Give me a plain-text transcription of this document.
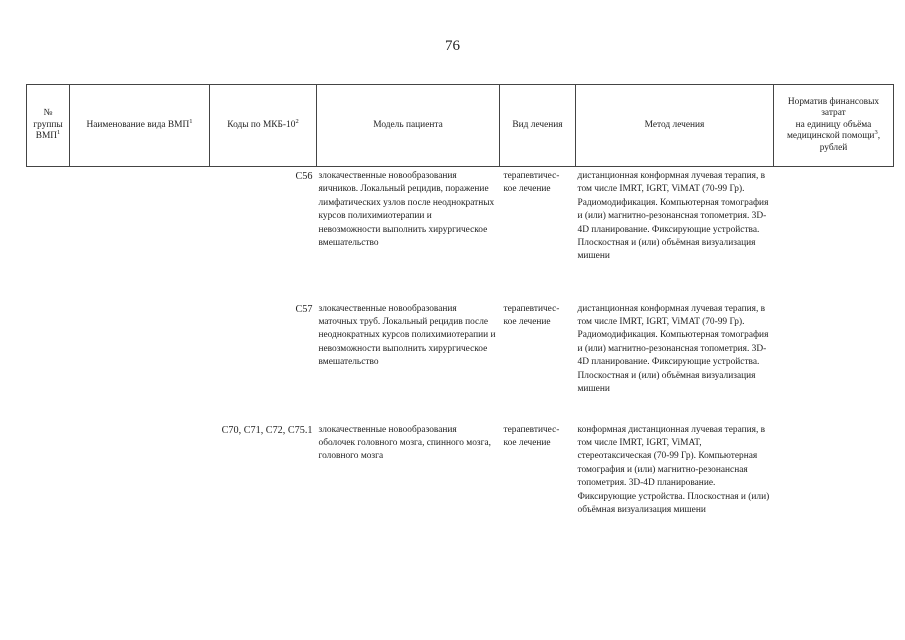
76
№ группы ВМП$^1$	Наименование вида ВМП$^1$	Коды по МКБ-$10^2$	Модель пациента	Вид лечения	Метод лечения	Норматив финансовых затрат
на единицу объёма медицинской помощи$^3$, рублей
		C56	злокачественные новообразования яичников. Локальный рецидив, поражение лимфатических узлов после неоднократных курсов полихимиотерапии и невозможности выполнить хирургическое вмешательство	терапевтичес-кое лечение	дистанционная конформная лучевая терапия, в том числе IMRT, IGRT, ViMAT (70-99 Гр). Радиомодификация. Компьютерная томография и (или) магнитно-резонансная топометрия. 3D-4D планирование. Фиксирующие устройства. Плоскостная и (или) объёмная визуализация мишени	
		C57	злокачественные новообразования маточных труб. Локальный рецидив после неоднократных курсов полихимиотерапии и невозможности выполнить хирургическое вмешательство	терапевтичес-кое лечение	дистанционная конформная лучевая терапия, в том числе IMRT, IGRT, ViMAT (70-99 Гр). Радиомодификация. Компьютерная томография и (или) магнитно-резонансная топометрия. 3D-4D планирование. Фиксирующие устройства. Плоскостная и (или) объёмная визуализация мишени	
		C70, C71, C72, C75.1	злокачественные новообразования оболочек головного мозга, спинного мозга, головного мозга	терапевтичес-кое лечение	конформная дистанционная лучевая терапия, в том числе IMRT, IGRT, ViMAT, стереотаксическая (70-99 Гр). Компьютерная томография и (или) магнитно-резонансная топометрия. 3D-4D планирование. Фиксирующие устройства. Плоскостная и (или) объёмная визуализация мишени	
